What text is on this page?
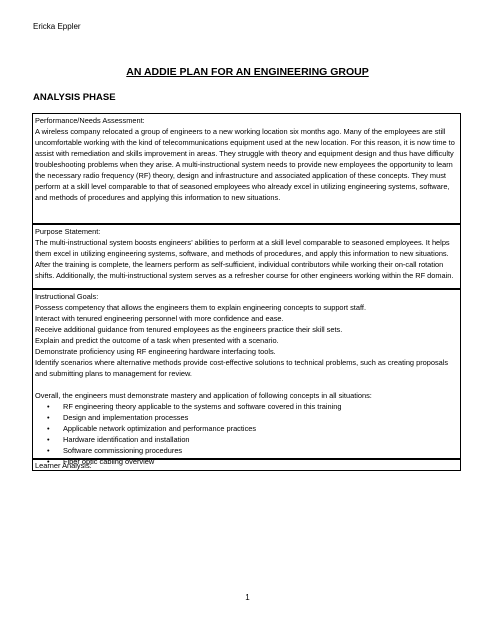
Ericka Eppler
AN ADDIE PLAN FOR AN ENGINEERING GROUP
ANALYSIS PHASE
Performance/Needs Assessment:

A wireless company relocated a group of engineers to a new working location six months ago. Many of the employees are still uncomfortable working with the kind of telecommunications equipment used at the new location. For this reason, it is now time to assist with remediation and skills improvement in areas. They struggle with theory and equipment design and thus have difficulty troubleshooting problems when they arise. A multi-instructional system needs to provide new employees the opportunity to learn the necessary radio frequency (RF) theory, design and infrastructure and associated application of these concepts. They must perform at a skill level comparable to that of seasoned employees who already excel in utilizing engineering systems, software, and methods of procedures and applying this information to new situations.

Purpose Statement:

The multi-instructional system boosts engineers’ abilities to perform at a skill level comparable to seasoned employees. It helps them excel in utilizing engineering systems, software, and methods of procedures, and apply this information to new situations. After the training is complete, the learners perform as self-sufficient, individual contributors while working their on-call rotation shifts. Additionally, the multi-instructional system serves as a refresher course for other engineers working within the RF domain.

Instructional Goals:

Possess competency that allows the engineers them to explain engineering concepts to support staff.

Interact with tenured engineering personnel with more confidence and ease.

Receive additional guidance from tenured employees as the engineers practice their skill sets.

Explain and predict the outcome of a task when presented with a scenario.

Demonstrate proficiency using RF engineering hardware interfacing tools.

Identify scenarios where alternative methods provide cost-effective solutions to technical problems, such as creating proposals and submitting plans to management for review.

Overall, the engineers must demonstrate mastery and application of following concepts in all situations:

• RF engineering theory applicable to the systems and software covered in this training
• Design and implementation processes
• Applicable network optimization and performance practices
• Hardware identification and installation
• Software commissioning procedures
• Fiber optic cabling overview
Learner Analysis:
1
